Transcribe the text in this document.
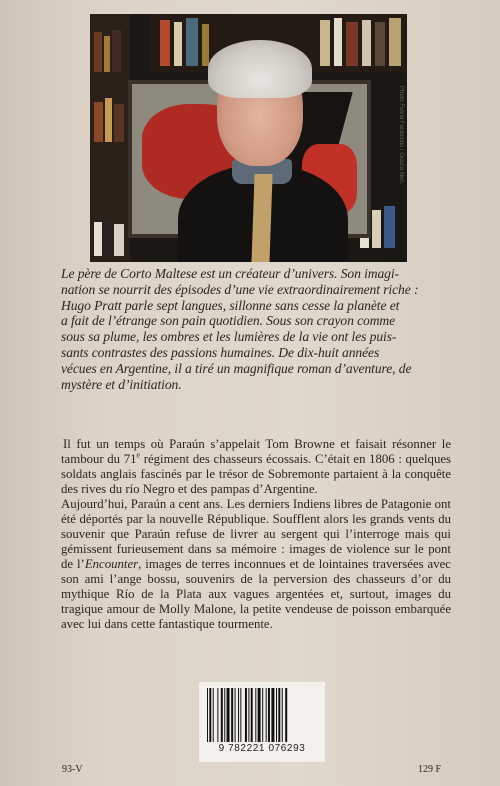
Photo Fulvia Farassino / Grazia Neri.
Le père de Corto Maltese est un créateur d’univers. Son imagi-
nation se nourrit des épisodes d’une vie extraordinairement riche :
Hugo Pratt parle sept langues, sillonne sans cesse la planète et
a fait de l’étrange son pain quotidien. Sous son crayon comme
sous sa plume, les ombres et les lumières de la vie ont les puis-
sants contrastes des passions humaines. De dix-huit années
vécues en Argentine, il a tiré un magnifique roman d’aventure, de
mystère et d’initiation.

Il fut un temps où Paraún s’appelait Tom Browne et faisait résonner le tambour du 71e régiment des chasseurs écossais. C’était en 1806 : quelques soldats anglais fascinés par le trésor de Sobremonte partaient à la conquête des rives du río Negro et des pampas d’Argentine.

Aujourd’hui, Paraún a cent ans. Les derniers Indiens libres de Patagonie ont été déportés par la nouvelle République. Soufflent alors les grands vents du souvenir que Paraún refuse de livrer au sergent qui l’interroge mais qui gémissent furieusement dans sa mémoire : images de violence sur le pont de l’Encounter, images de terres inconnues et de lointaines traversées avec son ami l’ange bossu, souvenirs de la perversion des chasseurs d’or du mythique Río de la Plata aux vagues argentées et, surtout, images du tragique amour de Molly Malone, la petite vendeuse de poisson embarquée avec lui dans cette fantastique tourmente.

9 782221 076293
93-V	129 F
